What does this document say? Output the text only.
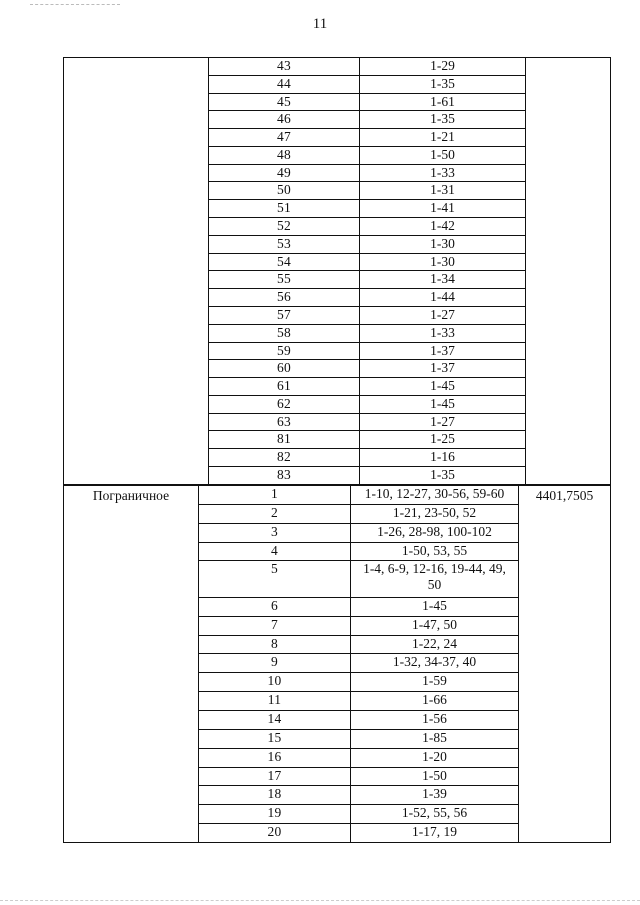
11
	43	1-29	
	44	1-35	
	45	1-61	
	46	1-35	
	47	1-21	
	48	1-50	
	49	1-33	
	50	1-31	
	51	1-41	
	52	1-42	
	53	1-30	
	54	1-30	
	55	1-34	
	56	1-44	
	57	1-27	
	58	1-33	
	59	1-37	
	60	1-37	
	61	1-45	
	62	1-45	
	63	1-27	
	81	1-25	
	82	1-16	
	83	1-35	
Пограничное	1	1-10, 12-27, 30-56, 59-60	4401,7505
	2	1-21, 23-50, 52	
	3	1-26, 28-98, 100-102	
	4	1-50, 53, 55	
	5	1-4, 6-9, 12-16, 19-44, 49, 50	
	6	1-45	
	7	1-47, 50	
	8	1-22, 24	
	9	1-32, 34-37, 40	
	10	1-59	
	11	1-66	
	14	1-56	
	15	1-85	
	16	1-20	
	17	1-50	
	18	1-39	
	19	1-52, 55, 56	
	20	1-17, 19	
